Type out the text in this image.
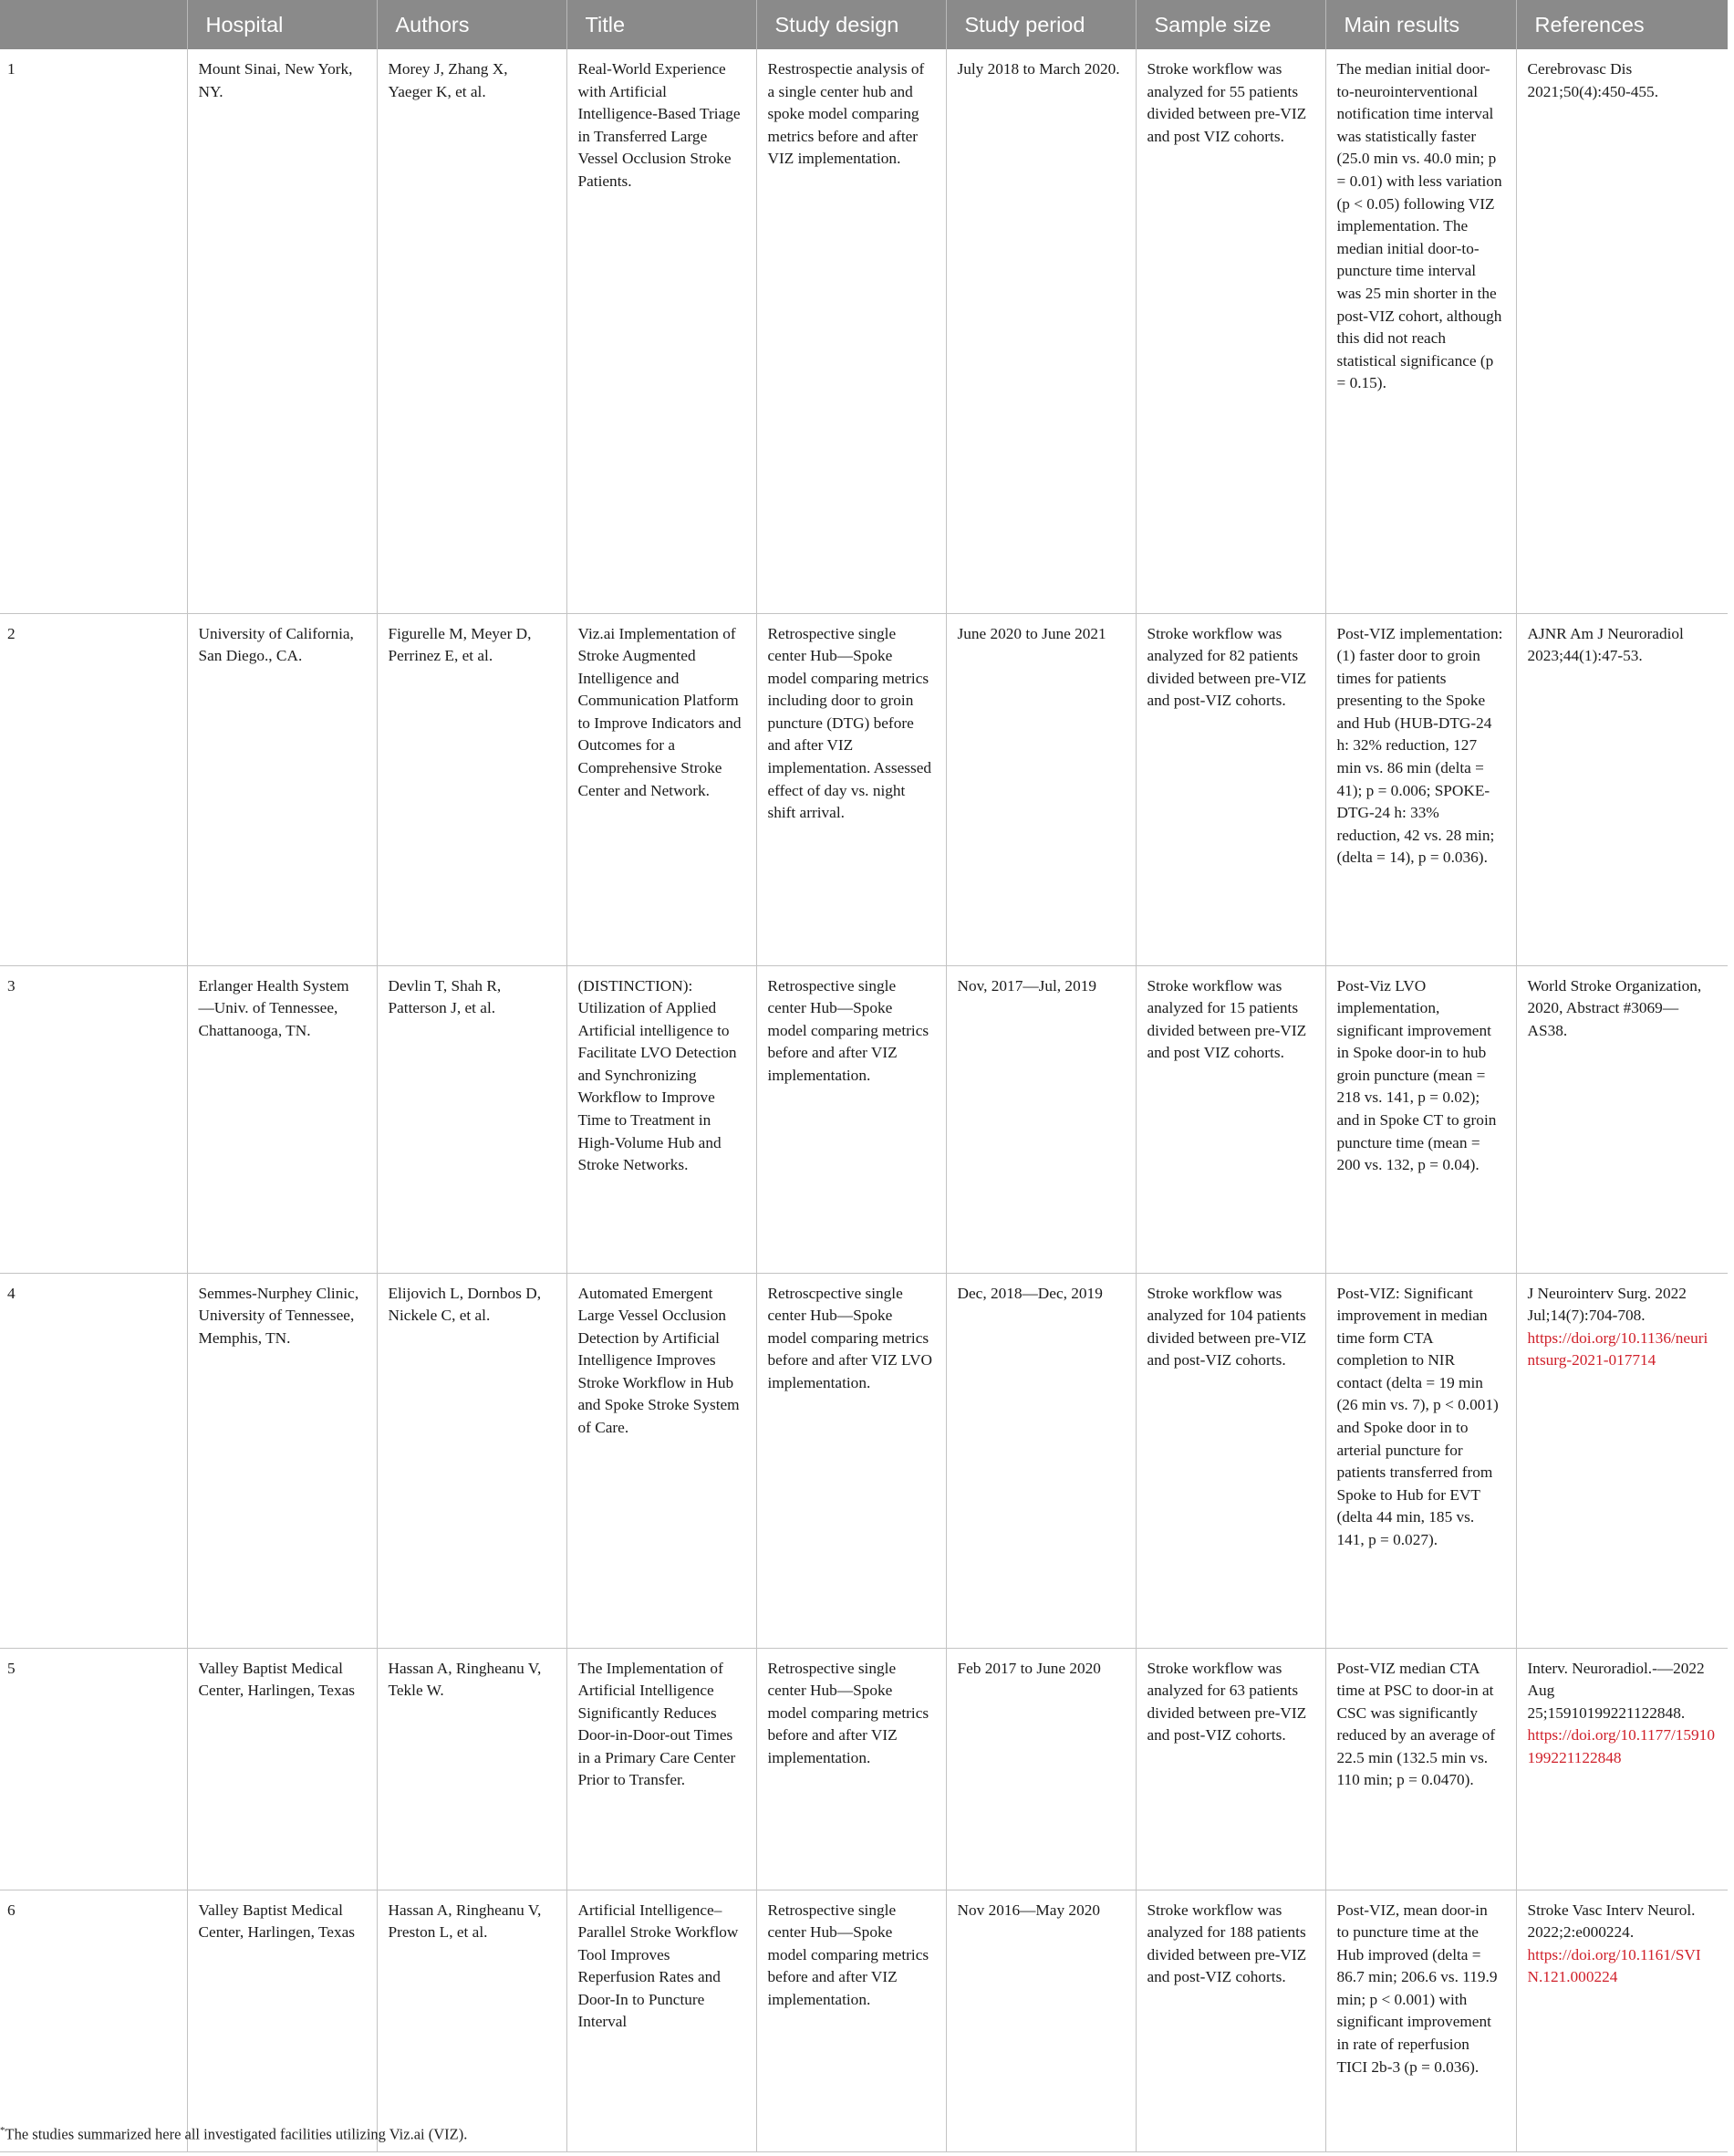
	Hospital	Authors	Title	Study design	Study period	Sample size	Main results	References
1	Mount Sinai, New York, NY.	Morey J, Zhang X, Yaeger K, et al.	Real-World Experience with Artificial Intelligence-Based Triage in Transferred Large Vessel Occlusion Stroke Patients.	Restrospectie analysis of a single center hub and spoke model comparing metrics before and after VIZ implementation.	July 2018 to March 2020.	Stroke workflow was analyzed for 55 patients divided between pre-VIZ and post VIZ cohorts.	The median initial door-to-neurointerventional notification time interval was statistically faster (25.0 min vs. 40.0 min; p = 0.01) with less variation (p < 0.05) following VIZ implementation. The median initial door-to-puncture time interval was 25 min shorter in the post-VIZ cohort, although this did not reach statistical significance (p = 0.15).	Cerebrovasc Dis 2021;50(4):450-455.
2	University of California, San Diego., CA.	Figurelle M, Meyer D, Perrinez E, et al.	Viz.ai Implementation of Stroke Augmented Intelligence and Communication Platform to Improve Indicators and Outcomes for a Comprehensive Stroke Center and Network.	Retrospective single center Hub—Spoke model comparing metrics including door to groin puncture (DTG) before and after VIZ implementation. Assessed effect of day vs. night shift arrival.	June 2020 to June 2021	Stroke workflow was analyzed for 82 patients divided between pre-VIZ and post-VIZ cohorts.	Post-VIZ implementation: (1) faster door to groin times for patients presenting to the Spoke and Hub (HUB-DTG-24 h: 32% reduction, 127 min vs. 86 min (delta = 41); p = 0.006; SPOKE-DTG-24 h: 33% reduction, 42 vs. 28 min; (delta = 14), p = 0.036).	AJNR Am J Neuroradiol 2023;44(1):47-53.
3	Erlanger Health System—Univ. of Tennessee, Chattanooga, TN.	Devlin T, Shah R, Patterson J, et al.	(DISTINCTION): Utilization of Applied Artificial intelligence to Facilitate LVO Detection and Synchronizing Workflow to Improve Time to Treatment in High-Volume Hub and Stroke Networks.	Retrospective single center Hub—Spoke model comparing metrics before and after VIZ implementation.	Nov, 2017—Jul, 2019	Stroke workflow was analyzed for 15 patients divided between pre-VIZ and post VIZ cohorts.	Post-Viz LVO implementation, significant improvement in Spoke door-in to hub groin puncture (mean = 218 vs. 141, p = 0.02); and in Spoke CT to groin puncture time (mean = 200 vs. 132, p = 0.04).	World Stroke Organization, 2020, Abstract #3069—AS38.
4	Semmes-Nurphey Clinic, University of Tennessee, Memphis, TN.	Elijovich L, Dornbos D, Nickele C, et al.	Automated Emergent Large Vessel Occlusion Detection by Artificial Intelligence Improves Stroke Workflow in Hub and Spoke Stroke System of Care.	Retroscpective single center Hub—Spoke model comparing metrics before and after VIZ LVO implementation.	Dec, 2018—Dec, 2019	Stroke workflow was analyzed for 104 patients divided between pre-VIZ and post-VIZ cohorts.	Post-VIZ: Significant improvement in median time form CTA completion to NIR contact (delta = 19 min (26 min vs. 7), p < 0.001) and Spoke door in to arterial puncture for patients transferred from Spoke to Hub for EVT (delta 44 min, 185 vs. 141, p = 0.027).	J Neurointerv Surg. 2022 Jul;14(7):704-708.
https://doi.org/10.1136/neurintsurg-2021-017714

5	Valley Baptist Medical Center, Harlingen, Texas	Hassan A, Ringheanu V, Tekle W.	The Implementation of Artificial Intelligence Significantly Reduces Door-in-Door-out Times in a Primary Care Center Prior to Transfer.	Retrospective single center Hub—Spoke model comparing metrics before and after VIZ implementation.	Feb 2017 to June 2020	Stroke workflow was analyzed for 63 patients divided between pre-VIZ and post-VIZ cohorts.	Post-VIZ median CTA time at PSC to door-in at CSC was significantly reduced by an average of 22.5 min (132.5 min vs. 110 min; p = 0.0470).	Interv. Neuroradiol.-—2022 Aug 25;15910199221122848.
https://doi.org/10.1177/15910199221122848

6	Valley Baptist Medical Center, Harlingen, Texas	Hassan A, Ringheanu V, Preston L, et al.	Artificial Intelligence–Parallel Stroke Workflow Tool Improves Reperfusion Rates and Door-In to Puncture Interval	Retrospective single center Hub—Spoke model comparing metrics before and after VIZ implementation.	Nov 2016—May 2020	Stroke workflow was analyzed for 188 patients divided between pre-VIZ and post-VIZ cohorts.	Post-VIZ, mean door-in to puncture time at the Hub improved (delta = 86.7 min; 206.6 vs. 119.9 min; p < 0.001) with significant improvement in rate of reperfusion TICI 2b-3 (p = 0.036).	Stroke Vasc Interv Neurol. 2022;2:e000224.
https://doi.org/10.1161/SVIN.121.000224
*The studies summarized here all investigated facilities utilizing Viz.ai (VIZ).
